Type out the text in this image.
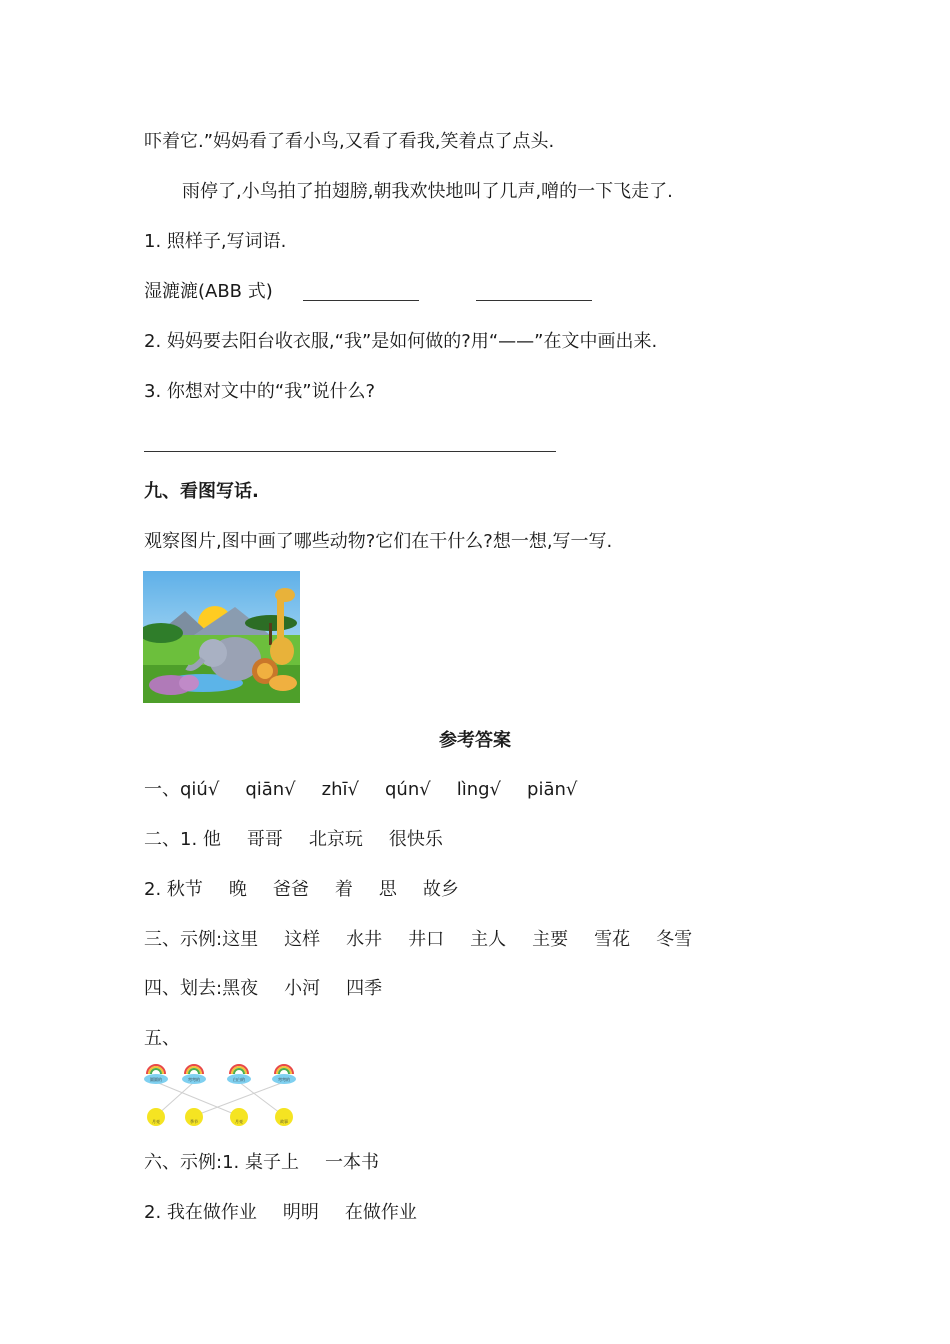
吓着它.”妈妈看了看小鸟,又看了看我,笑着点了点头.
雨停了,小鸟拍了拍翅膀,朝我欢快地叫了几声,噌的一下飞走了.
1. 照样子,写词语.
湿漉漉(ABB 式)
2. 妈妈要去阳台收衣服,“我”是如何做的?用“——”在文中画出来.
3. 你想对文中的“我”说什么?
九、看图写话.
观察图片,图中画了哪些动物?它们在干什么?想一想,写一写.
参考答案
一、qiú√ qiān√ zhī√ qún√ lìng√ piān√
二、1. 他 哥哥 北京玩 很快乐
2. 秋节 晚 爸爸 着 思 故乡
三、示例:这里 这样 水井 井口 主人 主要 雪花 冬雪
四、划去:黑夜 小河 四季
五、
圆圆的	弯弯的	白白的	弯弯的
月亮	季节	月亮	故事
六、示例:1. 桌子上 一本书
2. 我在做作业 明明 在做作业
